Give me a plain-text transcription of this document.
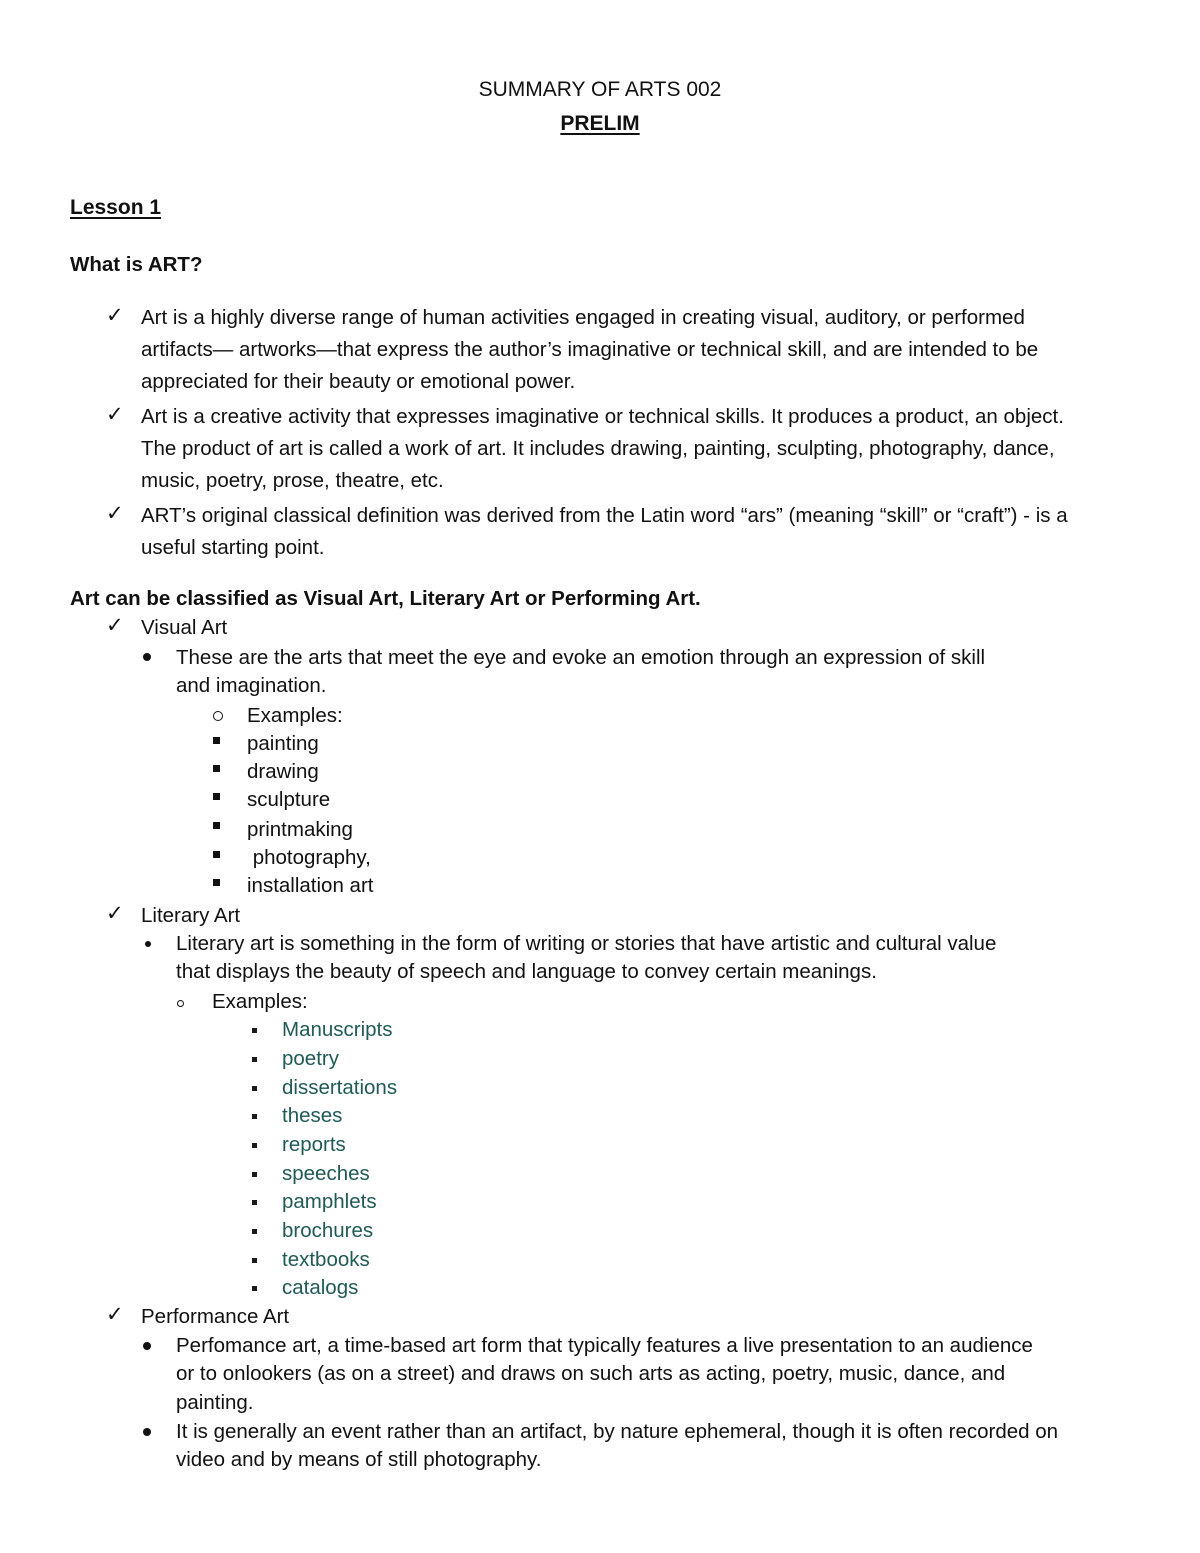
SUMMARY OF ARTS 002
PRELIM
Lesson 1
What is ART?
✓ Art is a highly diverse range of human activities engaged in creating visual, auditory, or performed
artifacts— artworks—that express the author’s imaginative or technical skill, and are intended to be
appreciated for their beauty or emotional power.
✓ Art is a creative activity that expresses imaginative or technical skills. It produces a product, an object.
The product of art is called a work of art. It includes drawing, painting, sculpting, photography, dance,
music, poetry, prose, theatre, etc.
✓ ART’s original classical definition was derived from the Latin word “ars” (meaning “skill” or “craft”) - is a
useful starting point.
Art can be classified as Visual Art, Literary Art or Performing Art.
✓ Visual Art
These are the arts that meet the eye and evoke an emotion through an expression of skill
and imagination.
Examples:
painting
drawing
sculpture
printmaking
photography,
installation art
✓ Literary Art
Literary art is something in the form of writing or stories that have artistic and cultural value
that displays the beauty of speech and language to convey certain meanings.
Examples:
Manuscripts
poetry
dissertations
theses
reports
speeches
pamphlets
brochures
textbooks
catalogs
✓ Performance Art
Perfomance art, a time-based art form that typically features a live presentation to an audience
or to onlookers (as on a street) and draws on such arts as acting, poetry, music, dance, and
painting.
It is generally an event rather than an artifact, by nature ephemeral, though it is often recorded on
video and by means of still photography.
